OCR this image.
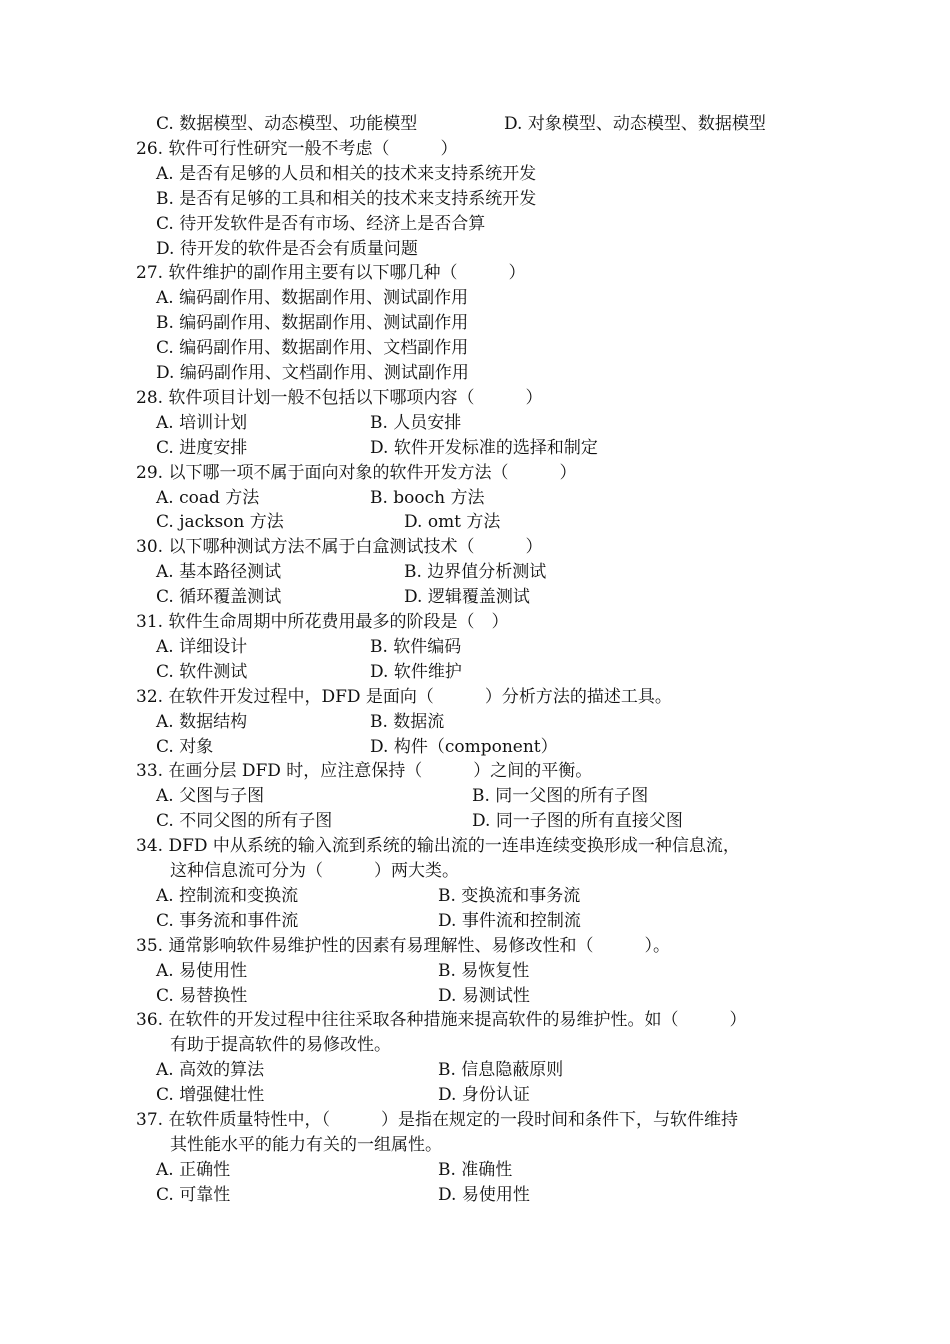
C. 数据模型、动态模型、功能模型	D. 对象模型、动态模型、数据模型
26. 软件可行性研究一般不考虑（　　　）
A. 是否有足够的人员和相关的技术来支持系统开发
B. 是否有足够的工具和相关的技术来支持系统开发
C. 待开发软件是否有市场、经济上是否合算
D. 待开发的软件是否会有质量问题
27. 软件维护的副作用主要有以下哪几种（　　　）
A. 编码副作用、数据副作用、测试副作用
B. 编码副作用、数据副作用、测试副作用
C. 编码副作用、数据副作用、文档副作用
D. 编码副作用、文档副作用、测试副作用
28. 软件项目计划一般不包括以下哪项内容（　　　）
A. 培训计划	B. 人员安排
C. 进度安排	D. 软件开发标准的选择和制定
29. 以下哪一项不属于面向对象的软件开发方法（　　　）
A. coad 方法	B. booch 方法
C. jackson 方法	D. omt 方法
30. 以下哪种测试方法不属于白盒测试技术（　　　）
A. 基本路径测试	B. 边界值分析测试
C. 循环覆盖测试	D. 逻辑覆盖测试
31. 软件生命周期中所花费用最多的阶段是（　）
A. 详细设计	B. 软件编码
C. 软件测试	D. 软件维护
32. 在软件开发过程中，DFD 是面向（　　　）分析方法的描述工具。
A. 数据结构	B. 数据流
C. 对象	D. 构件（component）
33. 在画分层 DFD 时，应注意保持（　　　）之间的平衡。
A. 父图与子图	B. 同一父图的所有子图
C. 不同父图的所有子图	D. 同一子图的所有直接父图
34. DFD 中从系统的输入流到系统的输出流的一连串连续变换形成一种信息流，
这种信息流可分为（　　　）两大类。
A. 控制流和变换流	B. 变换流和事务流
C. 事务流和事件流	D. 事件流和控制流
35. 通常影响软件易维护性的因素有易理解性、易修改性和（　　　）。
A. 易使用性	B. 易恢复性
C. 易替换性	D. 易测试性
36. 在软件的开发过程中往往采取各种措施来提高软件的易维护性。如（　　　）
有助于提高软件的易修改性。
A. 高效的算法	B. 信息隐蔽原则
C. 增强健壮性	D. 身份认证
37. 在软件质量特性中，（　　　）是指在规定的一段时间和条件下，与软件维持
其性能水平的能力有关的一组属性。
A. 正确性	B. 准确性
C. 可靠性	D. 易使用性
